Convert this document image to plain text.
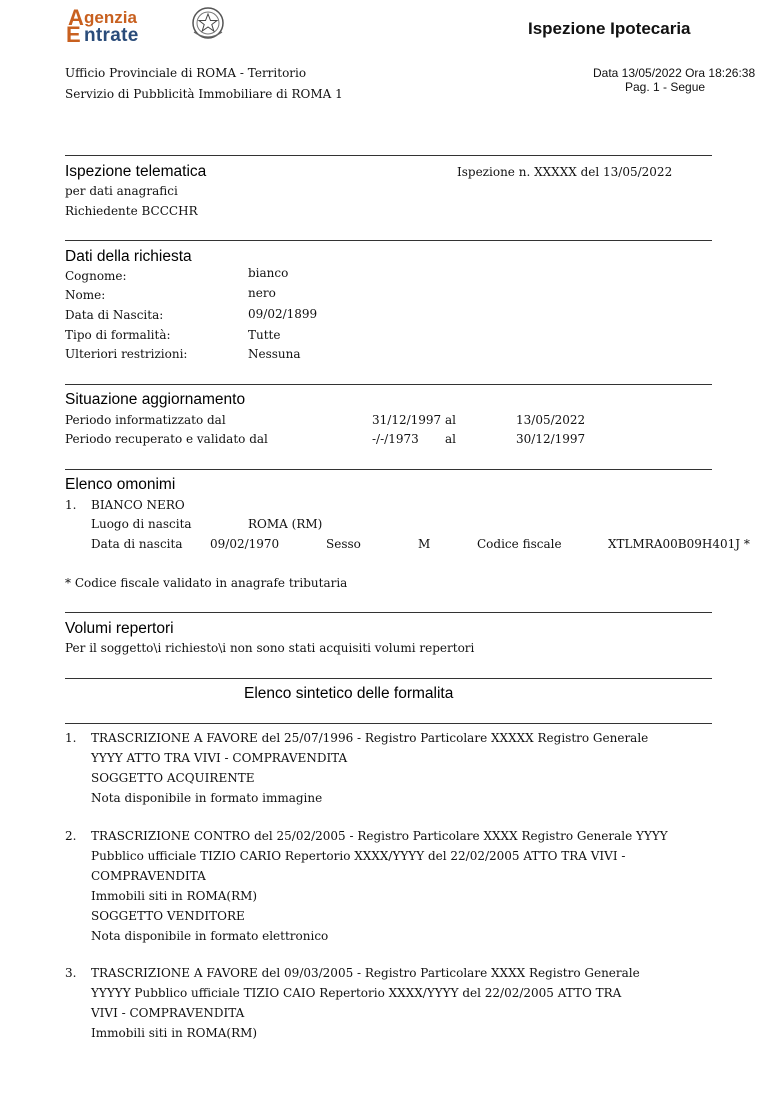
A genzia
E ntrate	Ispezione Ipotecaria
Ufficio Provinciale di ROMA - Territorio
Servizio di Pubblicità Immobiliare di ROMA 1
Data 13/05/2022 Ora 18:26:38
Pag. 1 - Segue
Ispezione telematica	Ispezione n. XXXXX del 13/05/2022
per dati anagrafici
Richiedente BCCCHR
Dati della richiesta
Cognome:	bianco
Nome:	nero
Data di Nascita:	09/02/1899
Tipo di formalità:	Tutte
Ulteriori restrizioni:	Nessuna
Situazione aggiornamento
Periodo informatizzato dal	31/12/1997 al	13/05/2022
Periodo recuperato e validato dal	-/-/1973 al	30/12/1997
Elenco omonimi
1. BIANCO NERO
Luogo di nascita	ROMA (RM)
Data di nascita 09/02/1970	Sesso	M	Codice fiscale	XTLMRA00B09H401J *
* Codice fiscale validato in anagrafe tributaria
Volumi repertori
Per il soggetto\i richiesto\i non sono stati acquisiti volumi repertori
Elenco sintetico delle formalita
1. TRASCRIZIONE A FAVORE del 25/07/1996 - Registro Particolare XXXXX Registro Generale
YYYY ATTO TRA VIVI - COMPRAVENDITA
SOGGETTO ACQUIRENTE
Nota disponibile in formato immagine
2. TRASCRIZIONE CONTRO del 25/02/2005 - Registro Particolare XXXX Registro Generale YYYY
Pubblico ufficiale TIZIO CARIO Repertorio XXXX/YYYY del 22/02/2005 ATTO TRA VIVI -
COMPRAVENDITA
Immobili siti in ROMA(RM)
SOGGETTO VENDITORE
Nota disponibile in formato elettronico
3. TRASCRIZIONE A FAVORE del 09/03/2005 - Registro Particolare XXXX Registro Generale
YYYYY Pubblico ufficiale TIZIO CAIO Repertorio XXXX/YYYY del 22/02/2005 ATTO TRA
VIVI - COMPRAVENDITA
Immobili siti in ROMA(RM)
